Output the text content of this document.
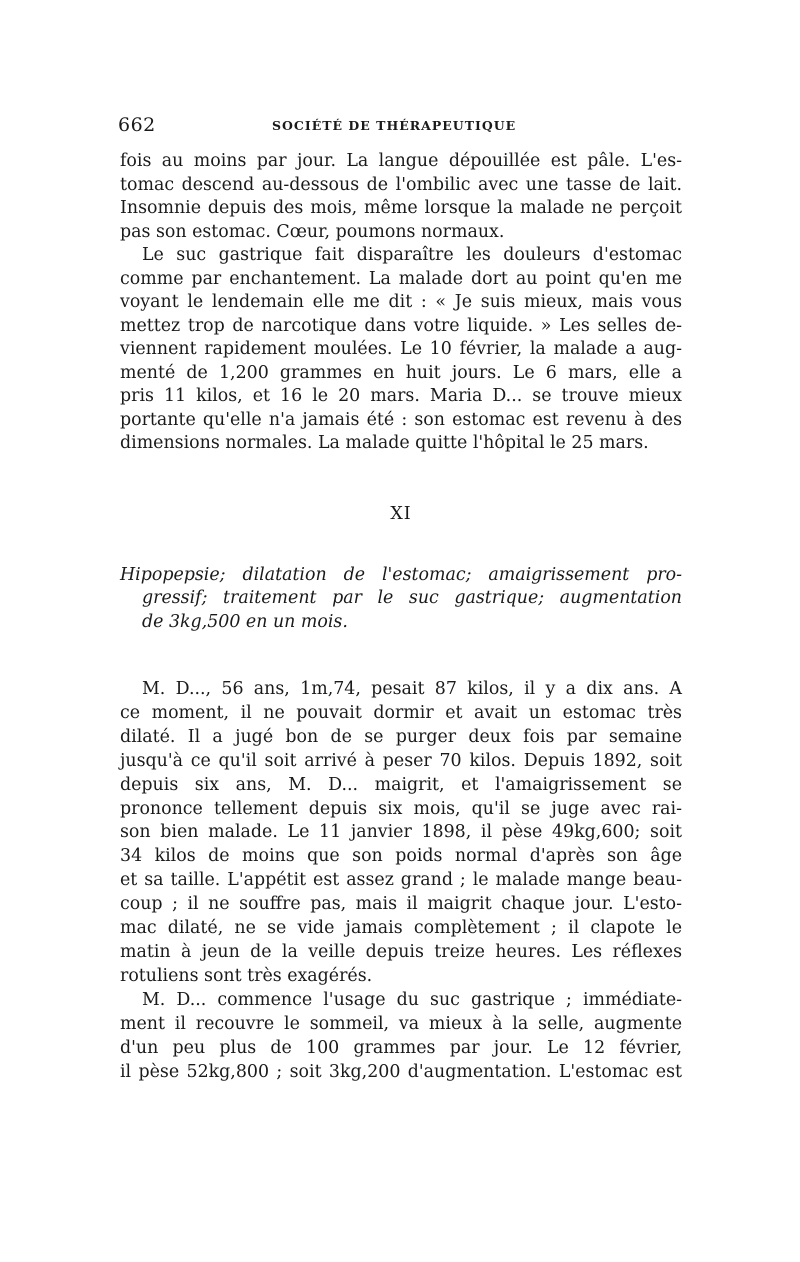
662	SOCIÉTÉ DE THÉRAPEUTIQUE
fois au moins par jour. La langue dépouillée est pâle. L'es-
tomac descend au-dessous de l'ombilic avec une tasse de lait.
Insomnie depuis des mois, même lorsque la malade ne perçoit
pas son estomac. Cœur, poumons normaux.
Le suc gastrique fait disparaître les douleurs d'estomac
comme par enchantement. La malade dort au point qu'en me
voyant le lendemain elle me dit : « Je suis mieux, mais vous
mettez trop de narcotique dans votre liquide. » Les selles de-
viennent rapidement moulées. Le 10 février, la malade a aug-
menté de 1,200 grammes en huit jours. Le 6 mars, elle a
pris 11 kilos, et 16 le 20 mars. Maria D... se trouve mieux
portante qu'elle n'a jamais été : son estomac est revenu à des
dimensions normales. La malade quitte l'hôpital le 25 mars.
XI
Hipopepsie; dilatation de l'estomac; amaigrissement pro-
gressif; traitement par le suc gastrique; augmentation
de 3kg,500 en un mois.
M. D..., 56 ans, 1m,74, pesait 87 kilos, il y a dix ans. A
ce moment, il ne pouvait dormir et avait un estomac très
dilaté. Il a jugé bon de se purger deux fois par semaine
jusqu'à ce qu'il soit arrivé à peser 70 kilos. Depuis 1892, soit
depuis six ans, M. D... maigrit, et l'amaigrissement se
prononce tellement depuis six mois, qu'il se juge avec rai-
son bien malade. Le 11 janvier 1898, il pèse 49kg,600; soit
34 kilos de moins que son poids normal d'après son âge
et sa taille. L'appétit est assez grand ; le malade mange beau-
coup ; il ne souffre pas, mais il maigrit chaque jour. L'esto-
mac dilaté, ne se vide jamais complètement ; il clapote le
matin à jeun de la veille depuis treize heures. Les réflexes
rotuliens sont très exagérés.
M. D... commence l'usage du suc gastrique ; immédiate-
ment il recouvre le sommeil, va mieux à la selle, augmente
d'un peu plus de 100 grammes par jour. Le 12 février,
il pèse 52kg,800 ; soit 3kg,200 d'augmentation. L'estomac est
